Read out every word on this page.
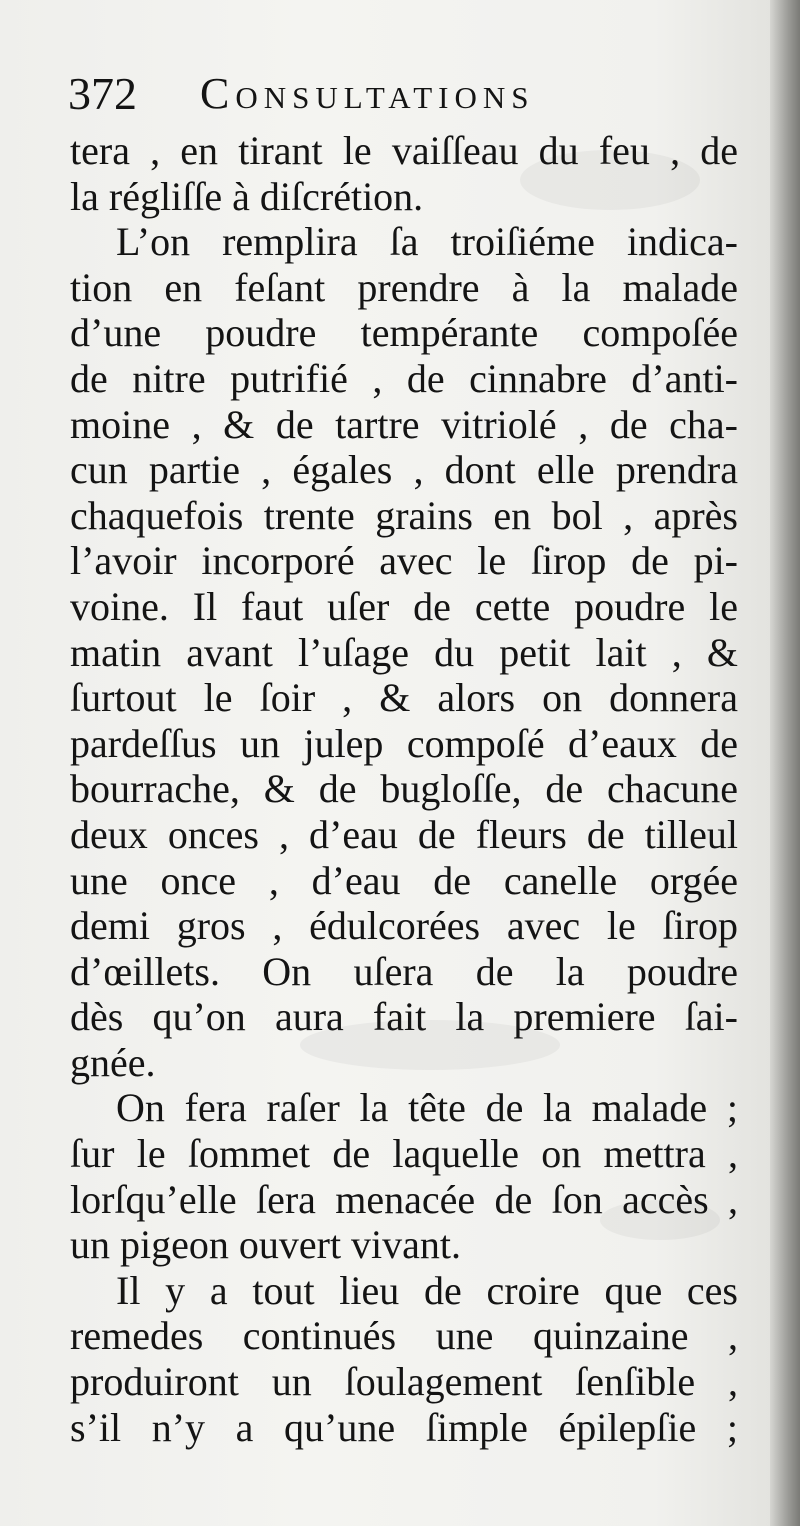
372 Consultations
tera , en tirant le vaiſſeau du feu , de
la régliſſe à diſcrétion.
L’on remplira ſa troiſiéme indica-
tion en feſant prendre à la malade
d’une poudre tempérante compoſée
de nitre putrifié , de cinnabre d’anti-
moine , & de tartre vitriolé , de cha-
cun partie , égales , dont elle prendra
chaquefois trente grains en bol , après
l’avoir incorporé avec le ſirop de pi-
voine. Il faut uſer de cette poudre le
matin avant l’uſage du petit lait , &
ſurtout le ſoir , & alors on donnera
pardeſſus un julep compoſé d’eaux de
bourrache, & de bugloſſe, de chacune
deux onces , d’eau de fleurs de tilleul
une once , d’eau de canelle orgée
demi gros , édulcorées avec le ſirop
d’œillets. On uſera de la poudre
dès qu’on aura fait la premiere ſai-
gnée.
On fera raſer la tête de la malade ;
ſur le ſommet de laquelle on mettra ,
lorſqu’elle ſera menacée de ſon accès ,
un pigeon ouvert vivant.
Il y a tout lieu de croire que ces
remedes continués une quinzaine ,
produiront un ſoulagement ſenſible ,
s’il n’y a qu’une ſimple épilepſie ;
